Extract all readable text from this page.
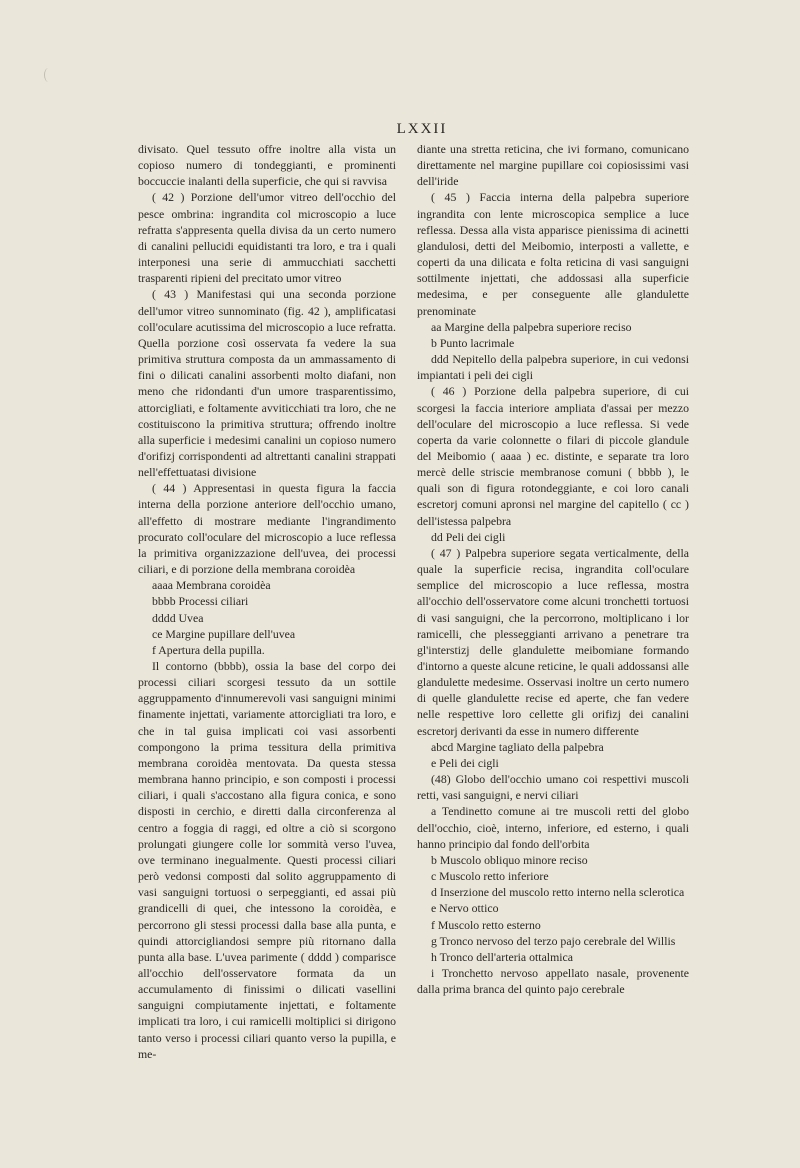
LXXII

divisato. Quel tessuto offre inoltre alla vista un copioso numero di tondeggianti, e prominenti boccuccie inalanti della superficie, che qui si ravvisa

( 42 ) Porzione dell'umor vitreo dell'occhio del pesce ombrina: ingrandita col microscopio a luce refratta s'appresenta quella divisa da un certo numero di canalini pellucidi equidistanti tra loro, e tra i quali interponesi una serie di ammucchiati sacchetti trasparenti ripieni del precitato umor vitreo

( 43 ) Manifestasi qui una seconda porzione dell'umor vitreo sunnominato (fig. 42 ), amplificatasi coll'oculare acutissima del microscopio a luce refratta. Quella porzione così osservata fa vedere la sua primitiva struttura composta da un ammassamento di fini o dilicati canalini assorbenti molto diafani, non meno che ridondanti d'un umore trasparentissimo, attorcigliati, e foltamente avviticchiati tra loro, che ne costituiscono la primitiva struttura; offrendo inoltre alla superficie i medesimi canalini un copioso numero d'orifizj corrispondenti ad altrettanti canalini strappati nell'effettuatasi divisione

( 44 ) Appresentasi in questa figura la faccia interna della porzione anteriore dell'occhio umano, all'effetto di mostrare mediante l'ingrandimento procurato coll'oculare del microscopio a luce reflessa la primitiva organizzazione dell'uvea, dei processi ciliari, e di porzione della membrana coroidèa

aaaa Membrana coroidèa

bbbb Processi ciliari

dddd Uvea

ce Margine pupillare dell'uvea

f Apertura della pupilla.

Il contorno (bbbb), ossia la base del corpo dei processi ciliari scorgesi tessuto da un sottile aggruppamento d'innumerevoli vasi sanguigni minimi finamente injettati, variamente attorcigliati tra loro, e che in tal guisa implicati coi vasi assorbenti compongono la prima tessitura della primitiva membrana coroidèa mentovata. Da questa stessa membrana hanno principio, e son composti i processi ciliari, i quali s'accostano alla figura conica, e sono disposti in cerchio, e diretti dalla circonferenza al centro a foggia di raggi, ed oltre a ciò si scorgono prolungati giungere colle lor sommità verso l'uvea, ove terminano inegualmente. Questi processi ciliari però vedonsi composti dal solito aggruppamento di vasi sanguigni tortuosi o serpeggianti, ed assai più grandicelli di quei, che intessono la coroidèa, e percorrono gli stessi processi dalla base alla punta, e quindi attorcigliandosi sempre più ritornano dalla punta alla base. L'uvea parimente ( dddd ) comparisce all'occhio dell'osservatore formata da un accumulamento di finissimi o dilicati vasellini sanguigni compiutamente injettati, e foltamente implicati tra loro, i cui ramicelli moltiplici si dirigono tanto verso i processi ciliari quanto verso la pupilla, e me-

diante una stretta reticina, che ivi formano, comunicano direttamente nel margine pupillare coi copiosissimi vasi dell'iride

( 45 ) Faccia interna della palpebra superiore ingrandita con lente microscopica semplice a luce reflessa. Dessa alla vista apparisce pienissima di acinetti glandulosi, detti del Meibomio, interposti a vallette, e coperti da una dilicata e folta reticina di vasi sanguigni sottilmente injettati, che addossasi alla superficie medesima, e per conseguente alle glandulette prenominate

aa Margine della palpebra superiore reciso

b Punto lacrimale

ddd Nepitello della palpebra superiore, in cui vedonsi impiantati i peli dei cigli

( 46 ) Porzione della palpebra superiore, di cui scorgesi la faccia interiore ampliata d'assai per mezzo dell'oculare del microscopio a luce reflessa. Si vede coperta da varie colonnette o filari di piccole glandule del Meibomio ( aaaa ) ec. distinte, e separate tra loro mercè delle striscie membranose comuni ( bbbb ), le quali son di figura rotondeggiante, e coi loro canali escretorj comuni apronsi nel margine del capitello ( cc ) dell'istessa palpebra

dd Peli dei cigli

( 47 ) Palpebra superiore segata verticalmente, della quale la superficie recisa, ingrandita coll'oculare semplice del microscopio a luce reflessa, mostra all'occhio dell'osservatore come alcuni tronchetti tortuosi di vasi sanguigni, che la percorrono, moltiplicano i lor ramicelli, che plesseggianti arrivano a penetrare tra gl'interstizj delle glandulette meibomiane formando d'intorno a queste alcune reticine, le quali addossansi alle glandulette medesime. Osservasi inoltre un certo numero di quelle glandulette recise ed aperte, che fan vedere nelle respettive loro cellette gli orifizj dei canalini escretorj derivanti da esse in numero differente

abcd Margine tagliato della palpebra

e Peli dei cigli

(48) Globo dell'occhio umano coi respettivi muscoli retti, vasi sanguigni, e nervi ciliari

a Tendinetto comune ai tre muscoli retti del globo dell'occhio, cioè, interno, inferiore, ed esterno, i quali hanno principio dal fondo dell'orbita

b Muscolo obliquo minore reciso

c Muscolo retto inferiore

d Inserzione del muscolo retto interno nella sclerotica

e Nervo ottico

f Muscolo retto esterno

g Tronco nervoso del terzo pajo cerebrale del Willis

h Tronco dell'arteria ottalmica

i Tronchetto nervoso appellato nasale, provenente dalla prima branca del quinto pajo cerebrale
